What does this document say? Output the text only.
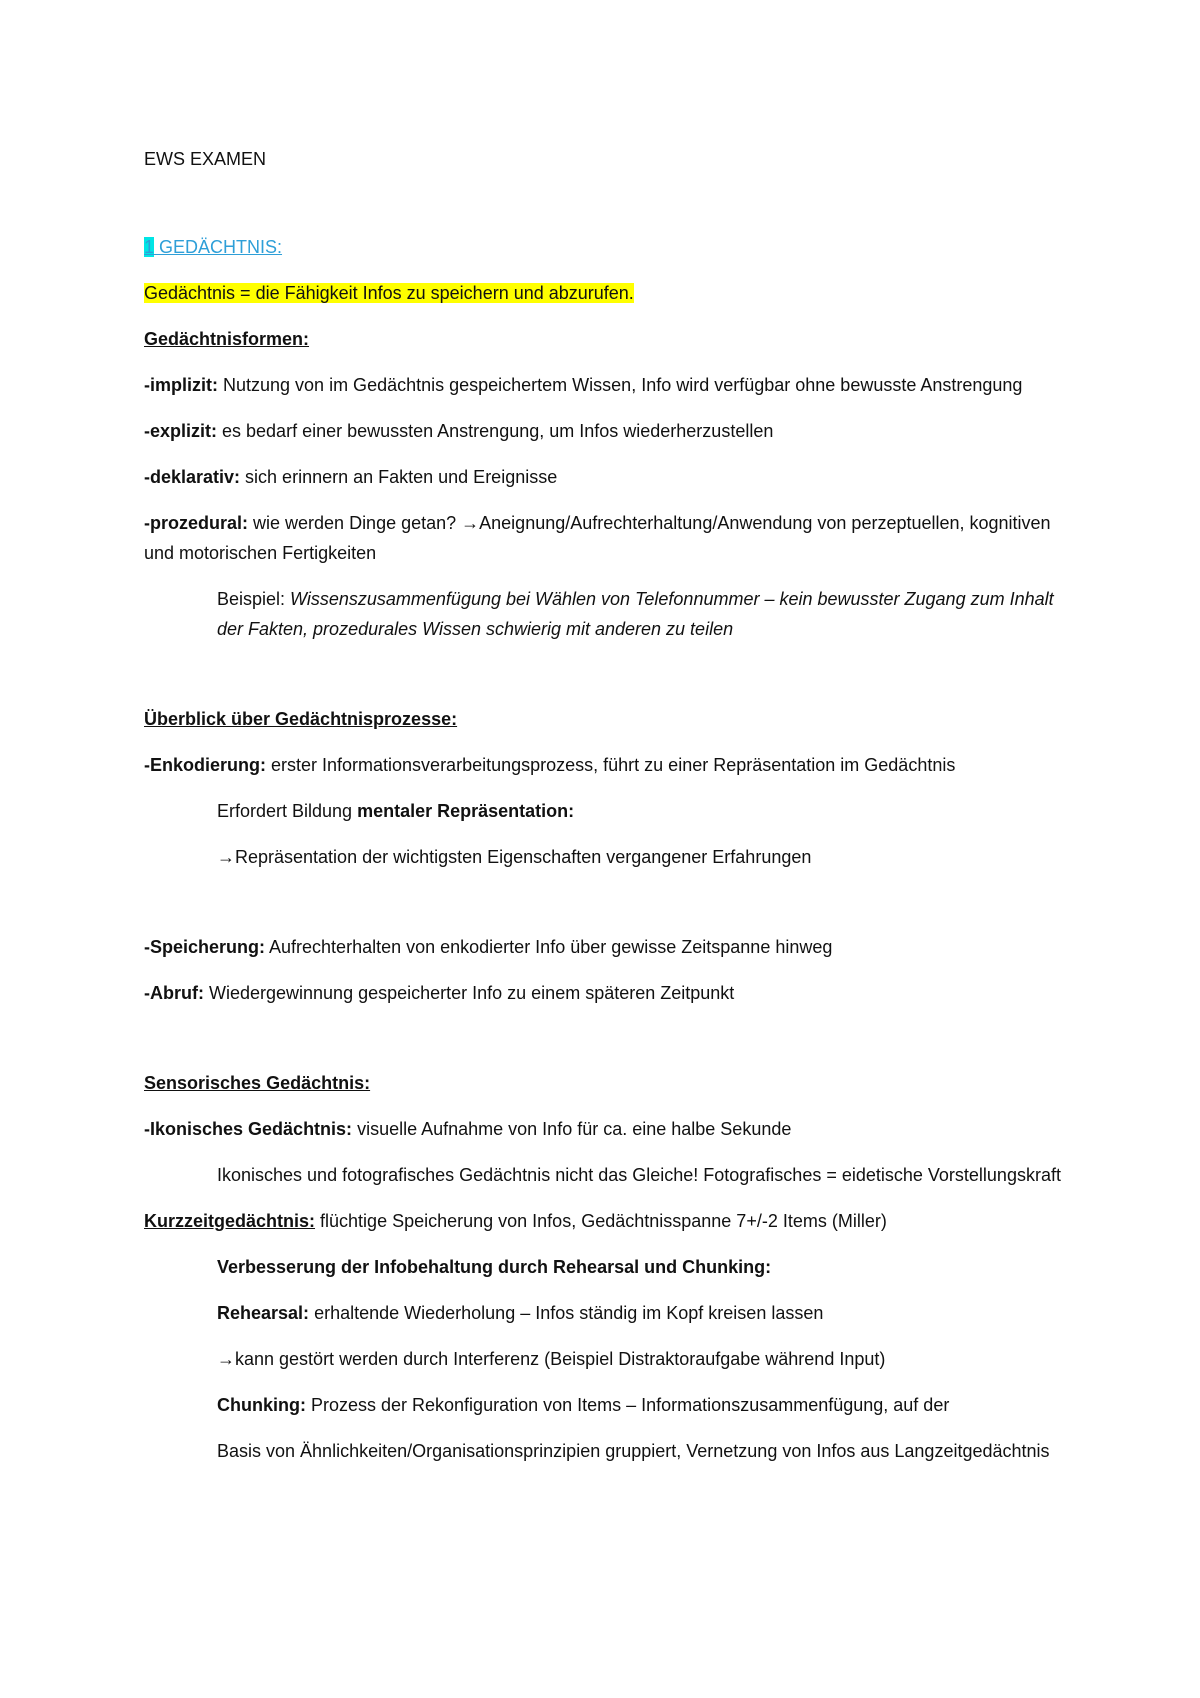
EWS EXAMEN

1 GEDÄCHTNIS:

Gedächtnis = die Fähigkeit Infos zu speichern und abzurufen.

Gedächtnisformen:

-implizit: Nutzung von im Gedächtnis gespeichertem Wissen, Info wird verfügbar ohne bewusste Anstrengung

-explizit: es bedarf einer bewussten Anstrengung, um Infos wiederherzustellen

-deklarativ: sich erinnern an Fakten und Ereignisse

-prozedural: wie werden Dinge getan? →Aneignung/Aufrechterhaltung/Anwendung von perzeptuellen, kognitiven und motorischen Fertigkeiten

Beispiel: Wissenszusammenfügung bei Wählen von Telefonnummer – kein bewusster Zugang zum Inhalt der Fakten, prozedurales Wissen schwierig mit anderen zu teilen

Überblick über Gedächtnisprozesse:

-Enkodierung: erster Informationsverarbeitungsprozess, führt zu einer Repräsentation im Gedächtnis

Erfordert Bildung mentaler Repräsentation:

→Repräsentation der wichtigsten Eigenschaften vergangener Erfahrungen

-Speicherung: Aufrechterhalten von enkodierter Info über gewisse Zeitspanne hinweg

-Abruf: Wiedergewinnung gespeicherter Info zu einem späteren Zeitpunkt

Sensorisches Gedächtnis:

-Ikonisches Gedächtnis: visuelle Aufnahme von Info für ca. eine halbe Sekunde

Ikonisches und fotografisches Gedächtnis nicht das Gleiche! Fotografisches = eidetische Vorstellungskraft

Kurzzeitgedächtnis: flüchtige Speicherung von Infos, Gedächtnisspanne 7+/-2 Items (Miller)

Verbesserung der Infobehaltung durch Rehearsal und Chunking:

Rehearsal: erhaltende Wiederholung – Infos ständig im Kopf kreisen lassen

→kann gestört werden durch Interferenz (Beispiel Distraktoraufgabe während Input)

Chunking: Prozess der Rekonfiguration von Items – Informationszusammenfügung, auf der

Basis von Ähnlichkeiten/Organisationsprinzipien gruppiert, Vernetzung von Infos aus Langzeitgedächtnis
